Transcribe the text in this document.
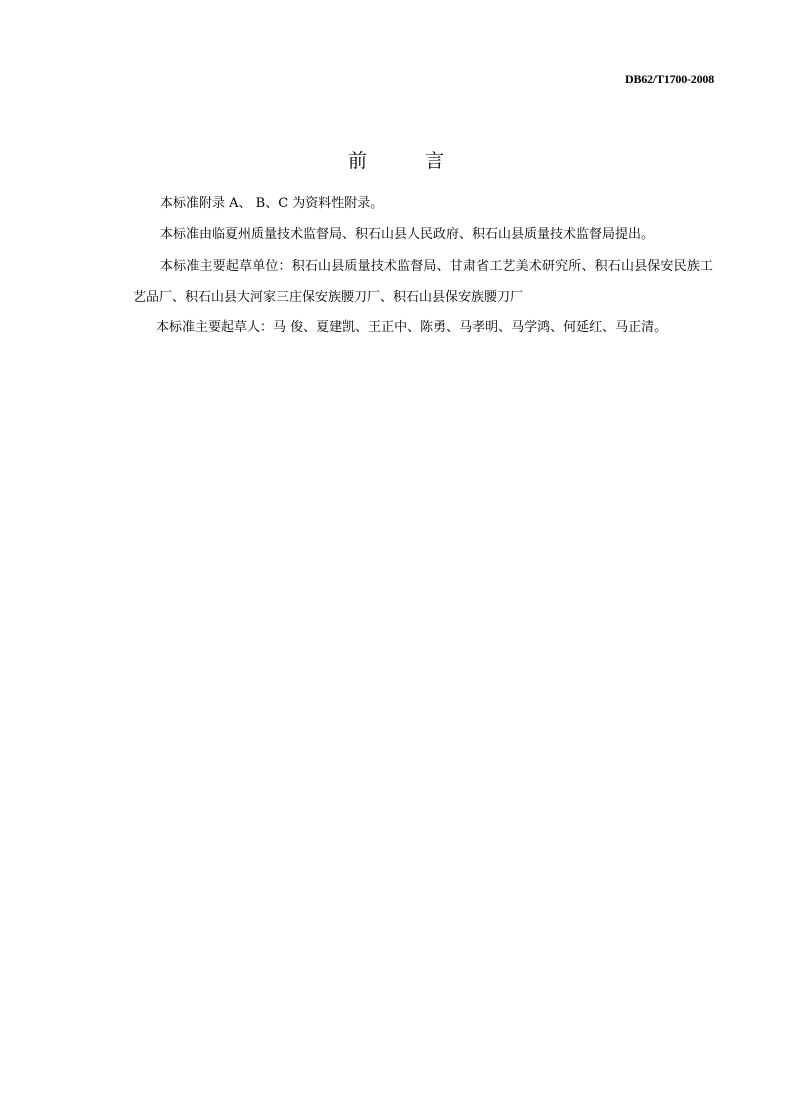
DB62/T1700-2008
前 言

本标准附录 A、 B、C 为资料性附录。

本标准由临夏州质量技术监督局、积石山县人民政府、积石山县质量技术监督局提出。

本标准主要起草单位：积石山县质量技术监督局、甘肃省工艺美术研究所、积石山县保安民族工艺品厂、积石山县大河家三庄保安族腰刀厂、积石山县保安族腰刀厂

本标准主要起草人：马 俊、夏建凯、王正中、陈勇、马孝明、马学鸿、何延红、马正清。
